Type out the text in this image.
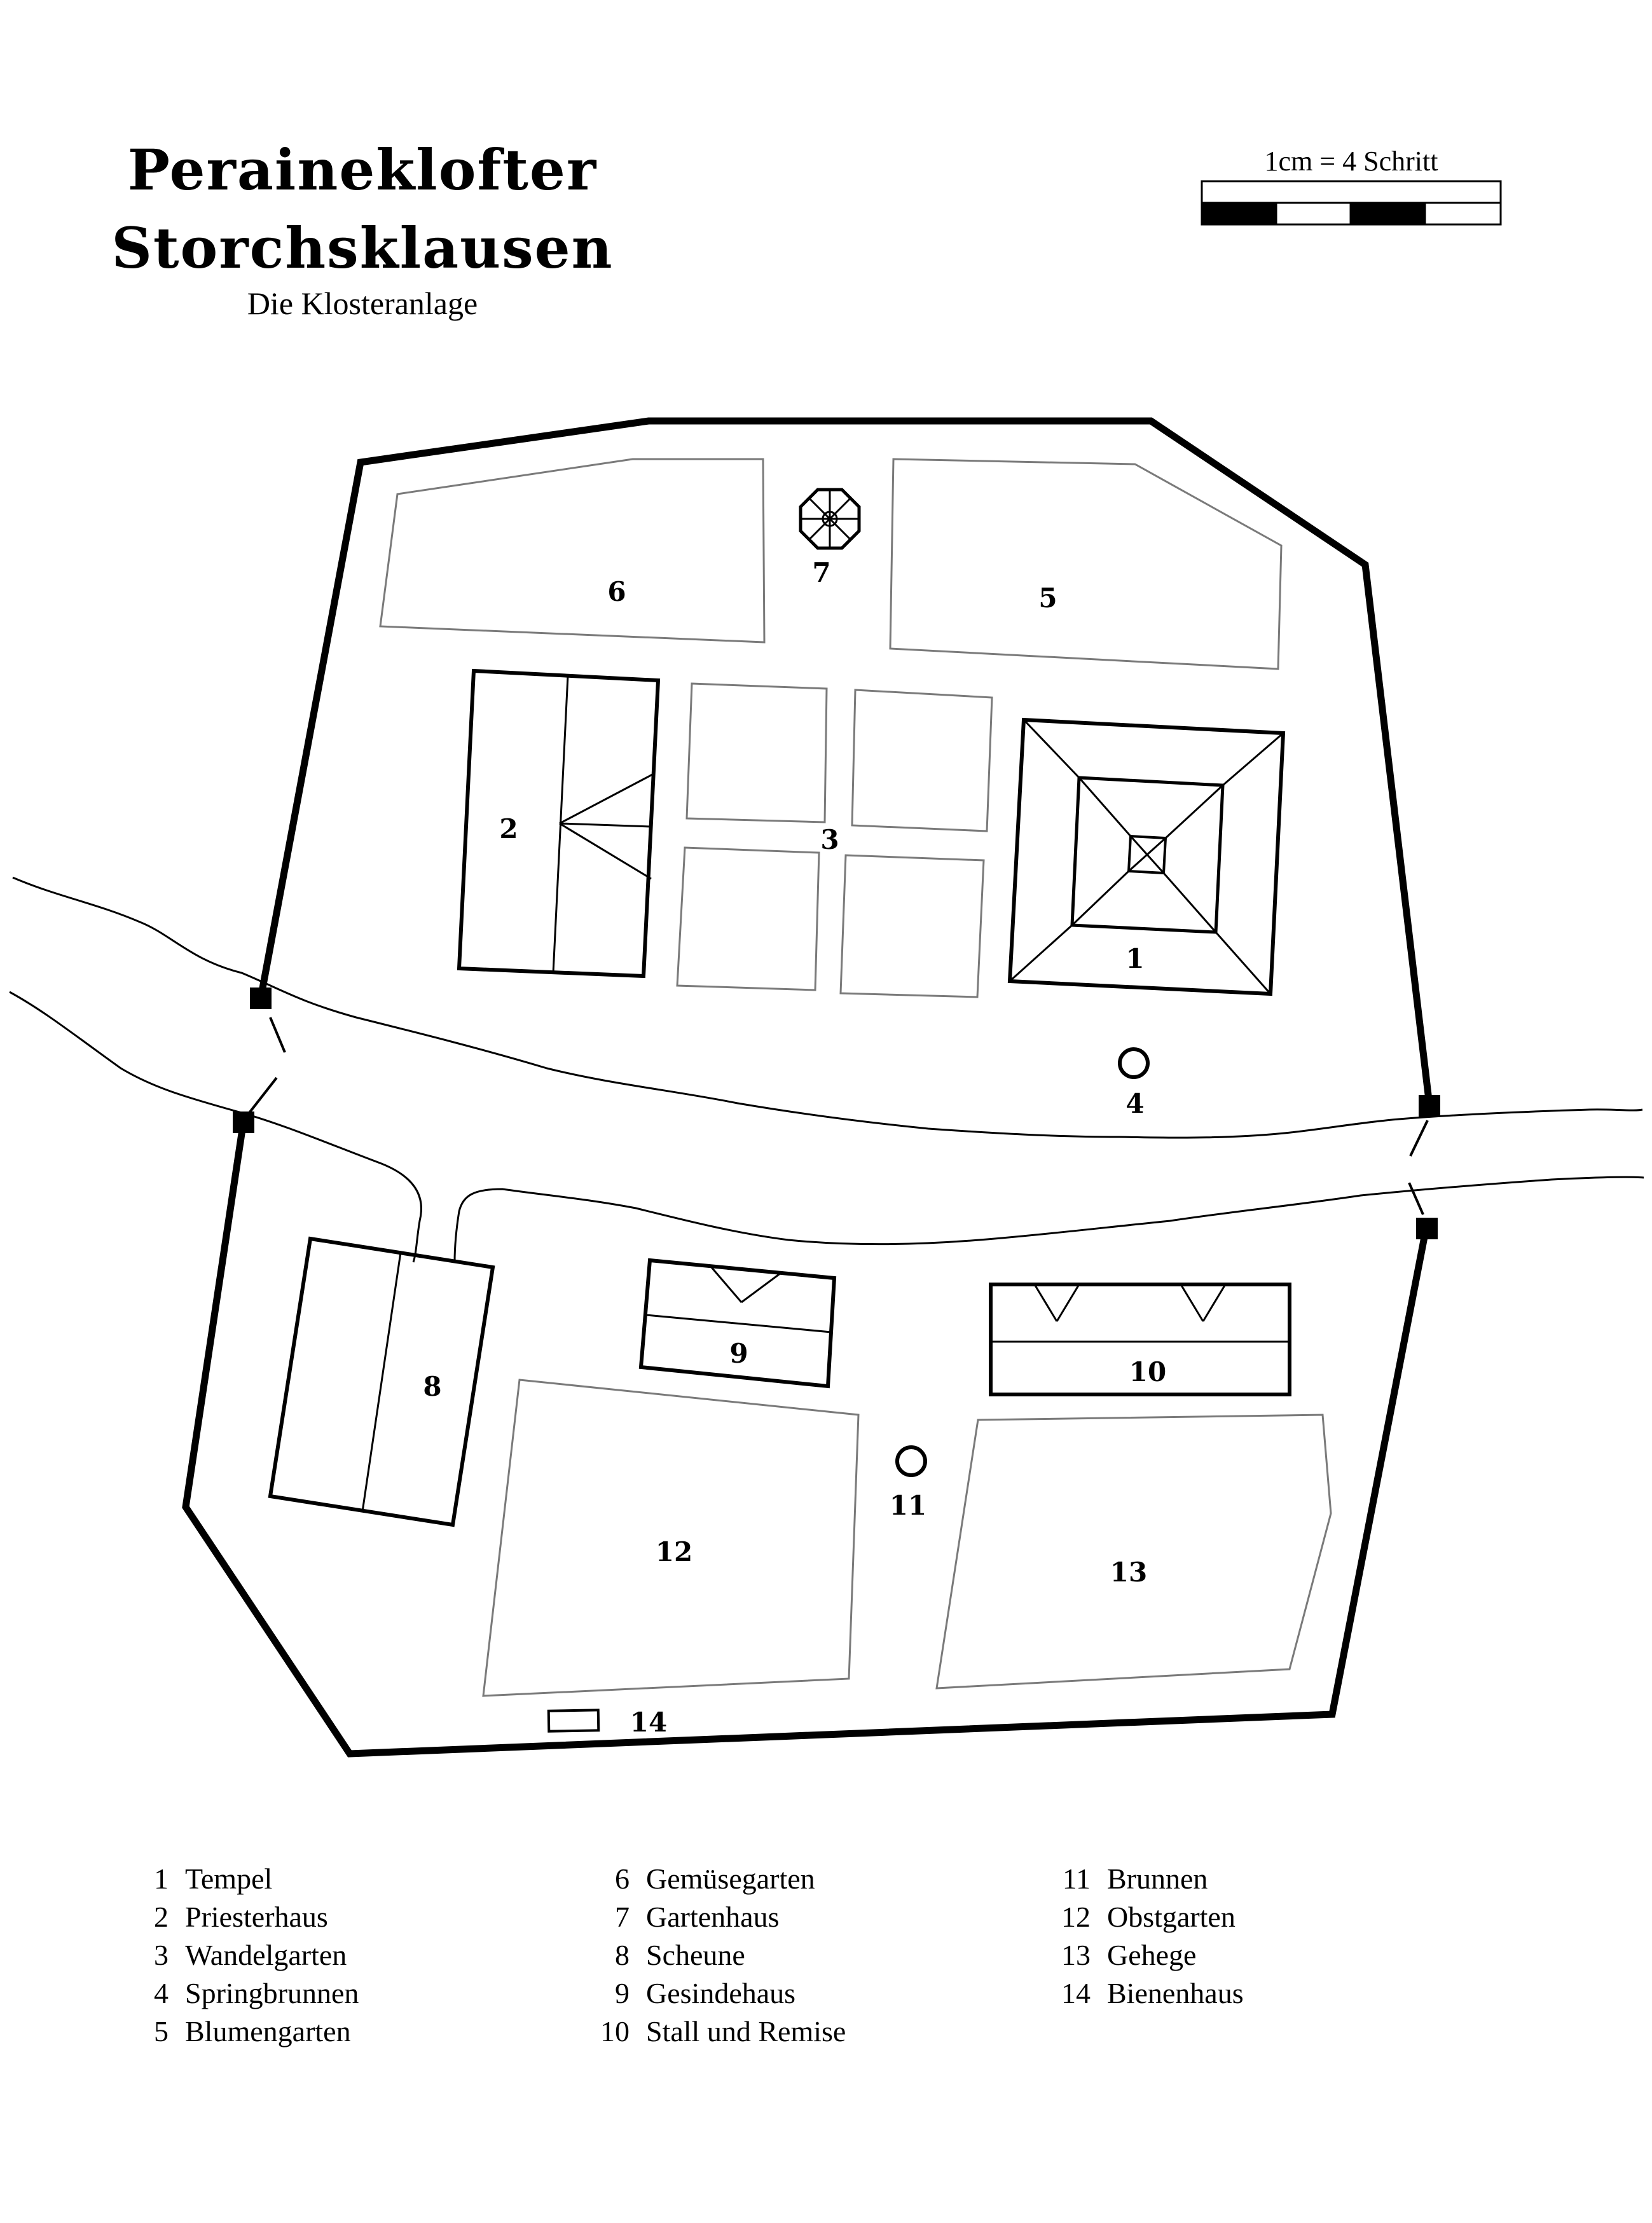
Peraineklofter
Storchsklausen
Die Klosteranlage
1cm = 4 Schritt
1
2	3
4
5
6
7
8
9
10
11
12
13
14
1 Tempel
2 Priesterhaus
3 Wandelgarten
4 Springbrunnen
5 Blumengarten
6 Gemüsegarten
7 Gartenhaus
8 Scheune
9 Gesindehaus
10 Stall und Remise
11 Brunnen
12 Obstgarten
13 Gehege
14 Bienenhaus
